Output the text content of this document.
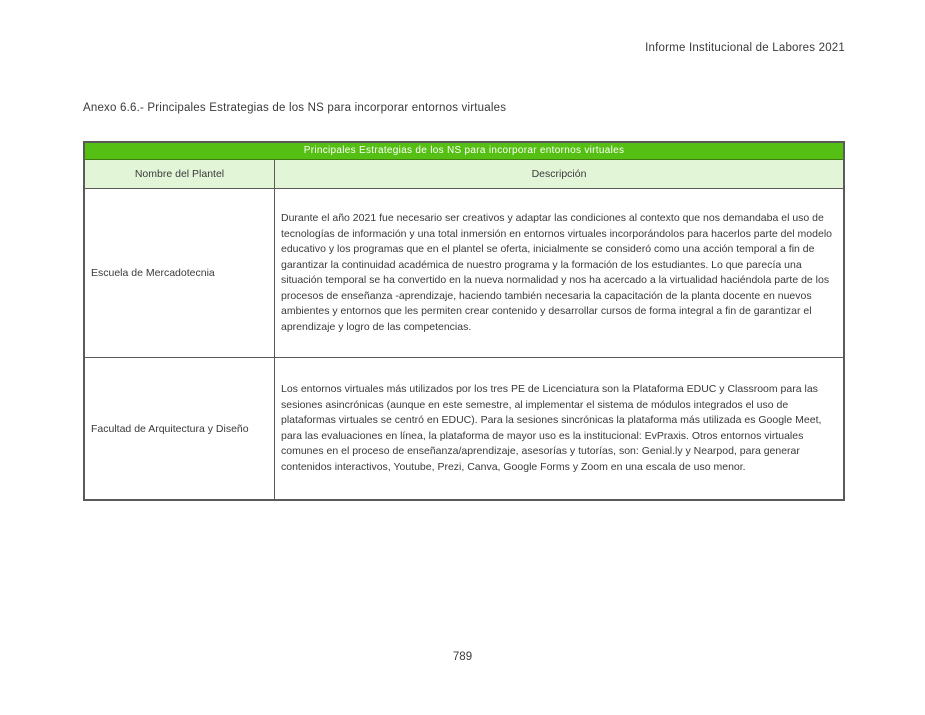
Informe Institucional de Labores 2021
Anexo 6.6.- Principales Estrategias de los NS para incorporar entornos virtuales
Principales Estrategias de los NS para incorporar entornos virtuales
Nombre del Plantel	Descripción
Escuela de Mercadotecnia
Durante el año 2021 fue necesario ser creativos y adaptar las condiciones al contexto que nos demandaba el uso de tecnologías de información y una total inmersión en entornos virtuales incorporándolos para hacerlos parte del modelo educativo y los programas que en el plantel se oferta, inicialmente se consideró como una acción temporal a fin de garantizar la continuidad académica de nuestro programa y la formación de los estudiantes. Lo que parecía una situación temporal se ha convertido en la nueva normalidad y nos ha acercado a la virtualidad haciéndola parte de los procesos de enseñanza -aprendizaje, haciendo también necesaria la capacitación de la planta docente en nuevos ambientes y entornos que les permiten crear contenido y desarrollar cursos de forma integral a fin de garantizar el aprendizaje y logro de las competencias.
Facultad de Arquitectura y Diseño
Los entornos virtuales más utilizados por los tres PE de Licenciatura son la Plataforma EDUC y Classroom para las sesiones asincrónicas (aunque en este semestre, al implementar el sistema de módulos integrados el uso de plataformas virtuales se centró en EDUC). Para la sesiones sincrónicas la plataforma más utilizada es Google Meet, para las evaluaciones en línea, la plataforma de mayor uso es la institucional: EvPraxis. Otros entornos virtuales comunes en el proceso de enseñanza/aprendizaje, asesorías y tutorías, son: Genial.ly y Nearpod, para generar contenidos interactivos, Youtube, Prezi, Canva, Google Forms y Zoom en una escala de uso menor.
789
